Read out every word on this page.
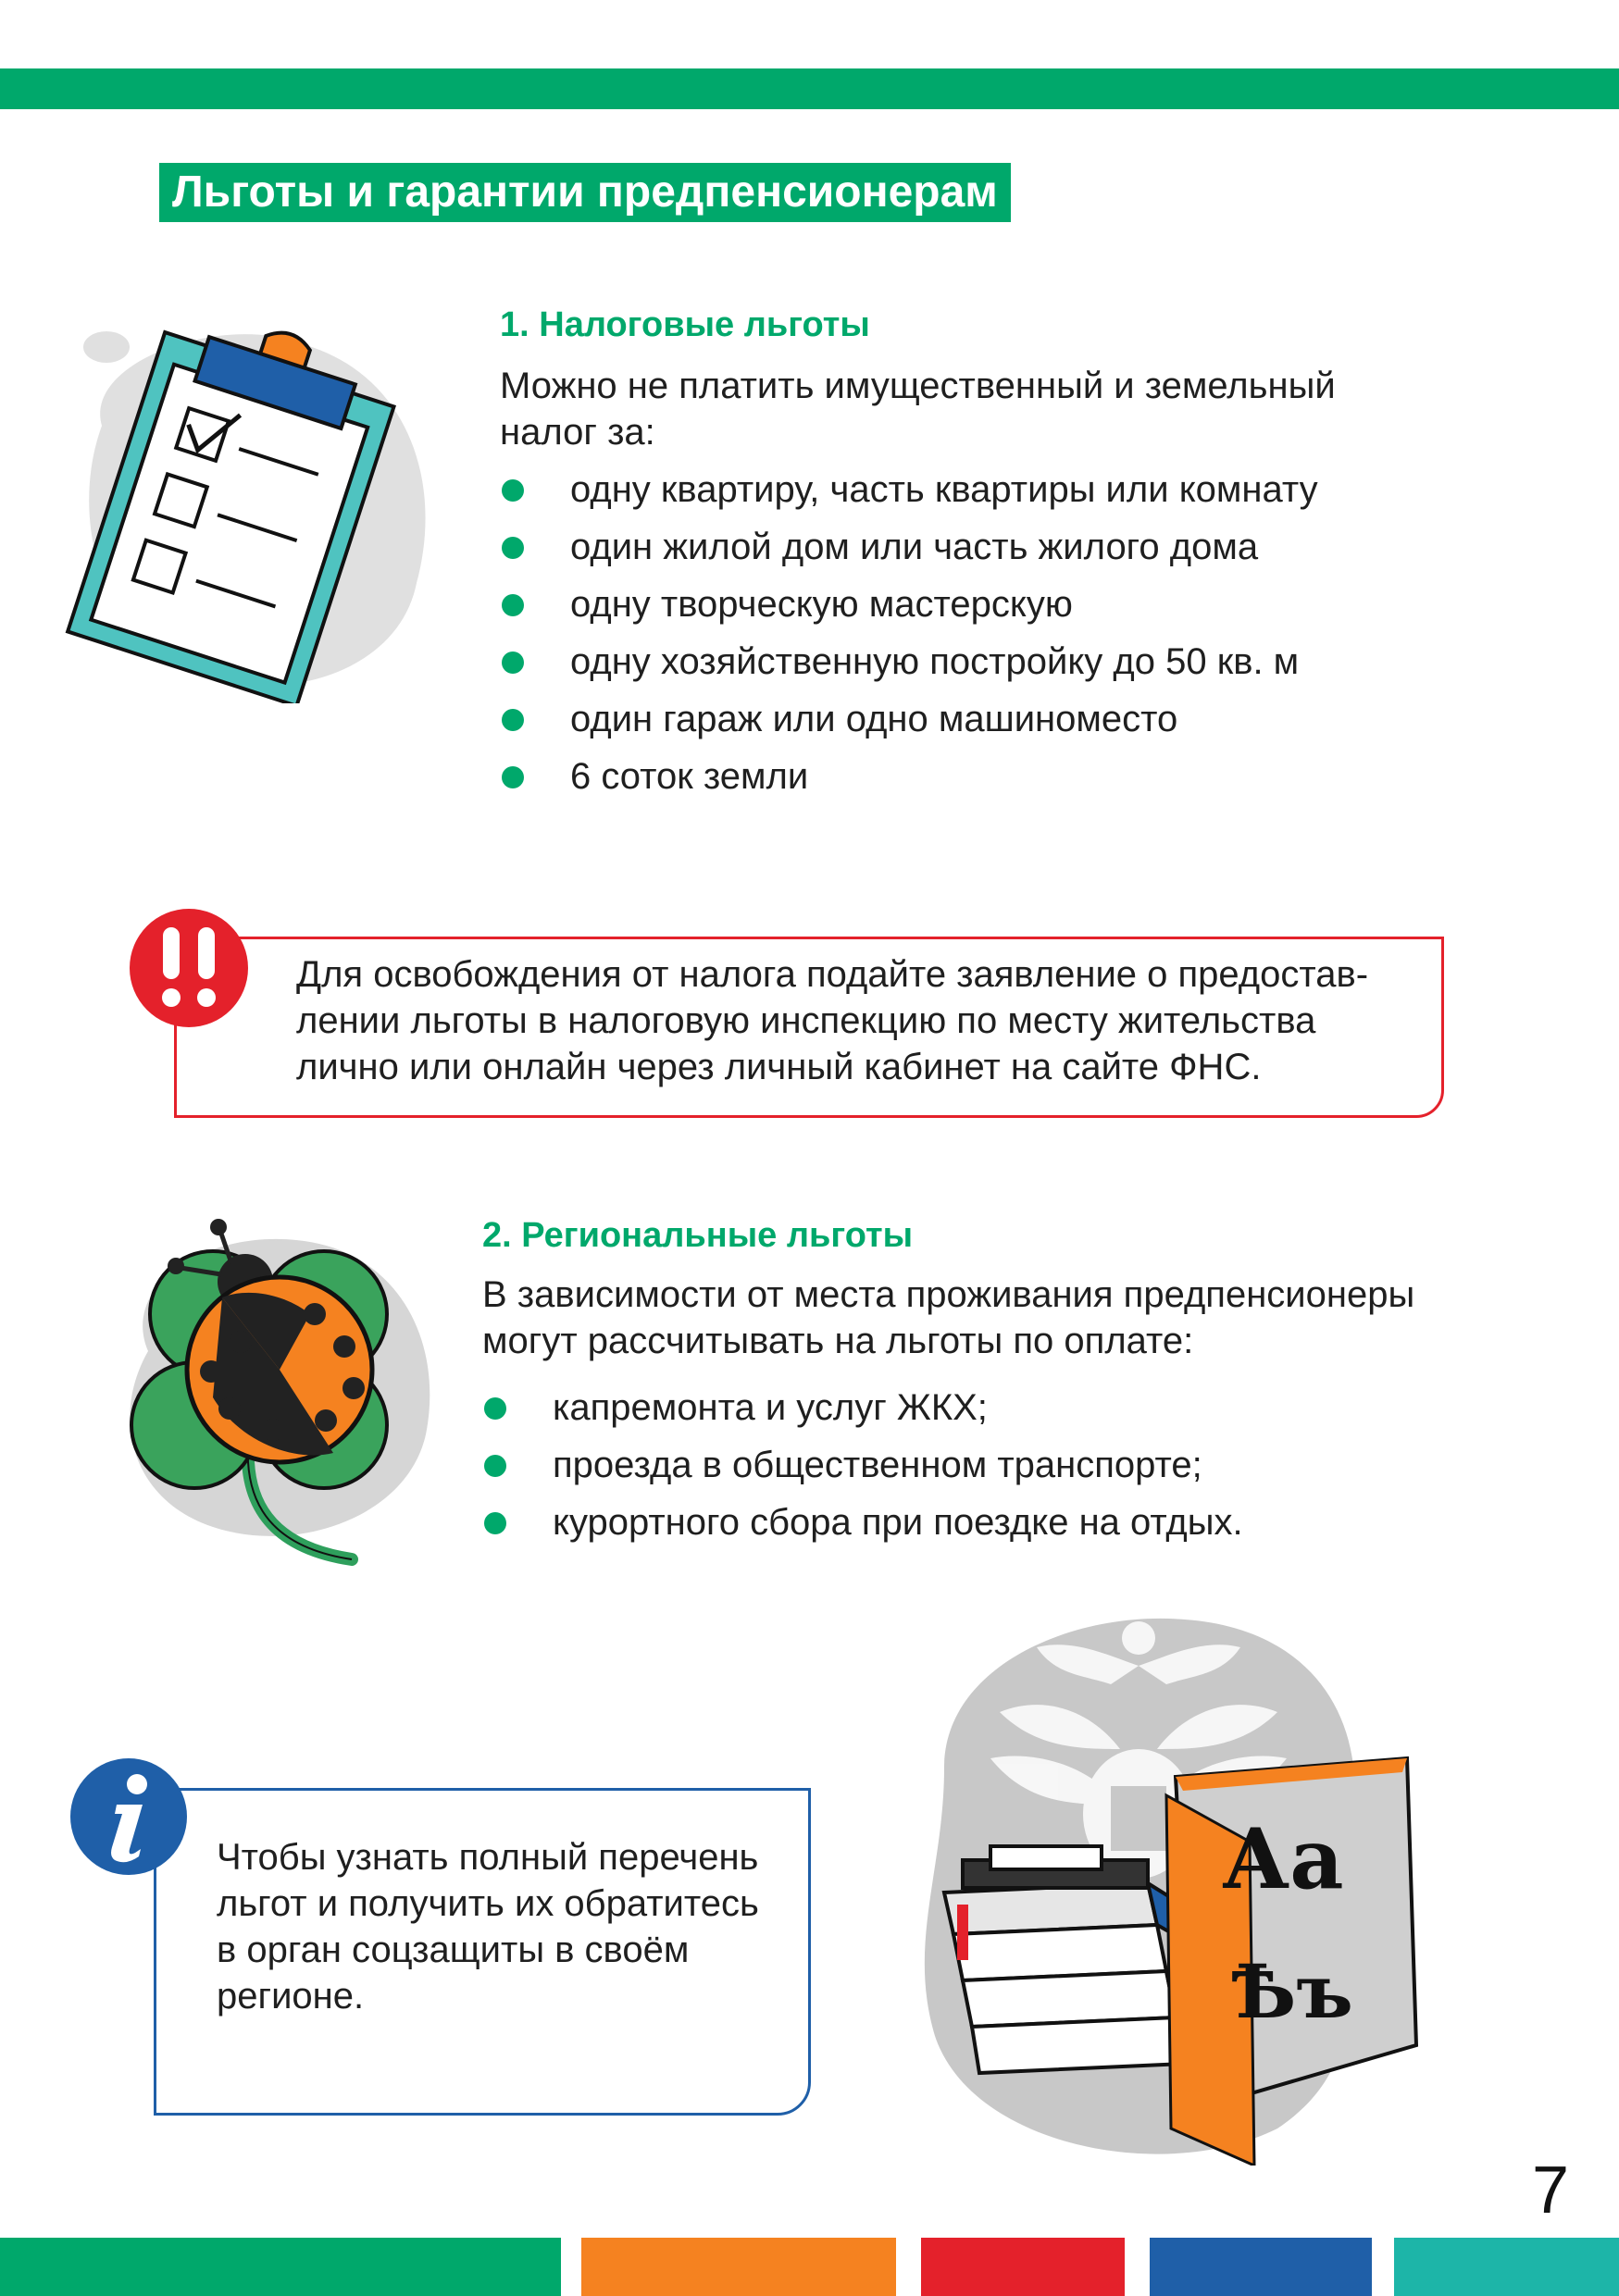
Льготы и гарантии предпенсионерам
1. Налоговые льготы
Можно не платить имущественный и земельный
налог за:
одну квартиру, часть квартиры или комнату
один жилой дом или часть жилого дома
одну творческую мастерскую
одну хозяйственную постройку до 50 кв. м
один гараж или одно машиноместо
6 соток земли
Для освобождения от налога подайте заявление о предостав-
лении льготы в налоговую инспекцию по месту жительства
лично или онлайн через личный кабинет на сайте ФНС.
2. Региональные льготы
В зависимости от места проживания предпенсионеры
могут рассчитывать на льготы по оплате:
капремонта и услуг ЖКХ;
проезда в общественном транспорте;
курортного сбора при поездке на отдых.
Чтобы узнать полный перечень
льгот и получить их обратитесь
в орган соцзащиты в своём
регионе.
Аа
Ѣъ
7
